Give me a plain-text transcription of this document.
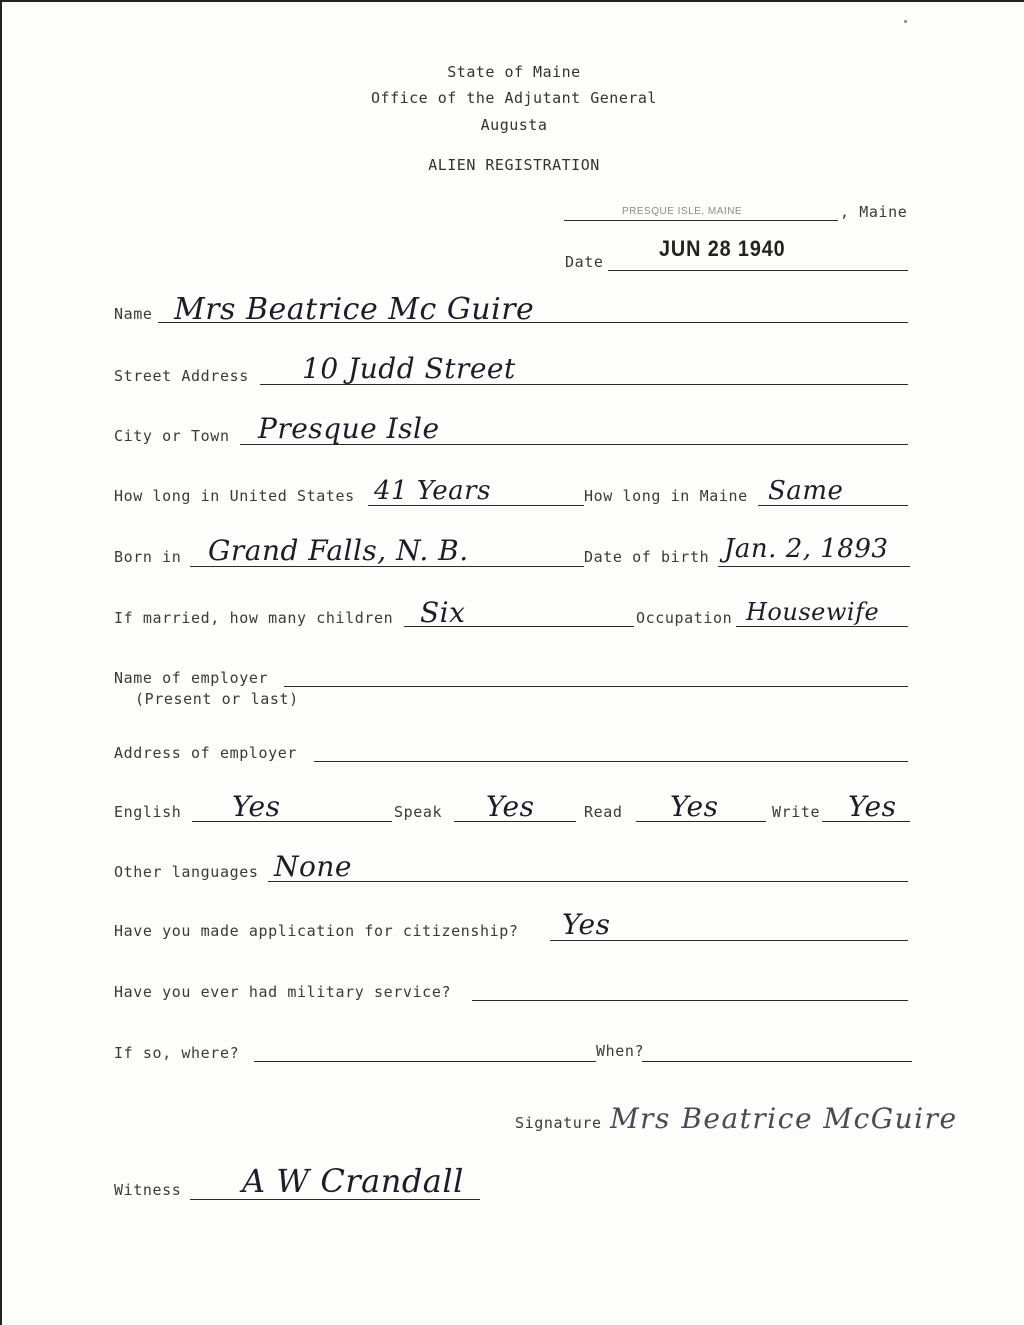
State of Maine
Office of the Adjutant General
Augusta
ALIEN REGISTRATION
PRESQUE ISLE, MAINE	, Maine
Date
JUN 28 1940
Name Mrs Beatrice Mc Guire
Street Address 10 Judd Street
City or Town Presque Isle
How long in United States 41 Years	How long in Maine Same
Born in Grand Falls, N. B.	Date of birth Jan. 2, 1893
If married, how many children Six	Occupation Housewife
Name of employer
(Present or last)
Address of employer
English Yes	Speak Yes	Read Yes	Write Yes
Other languages None
Have you made application for citizenship? Yes
Have you ever had military service?
If so, where?	When?
Signature Mrs Beatrice McGuire
Witness A W Crandall
